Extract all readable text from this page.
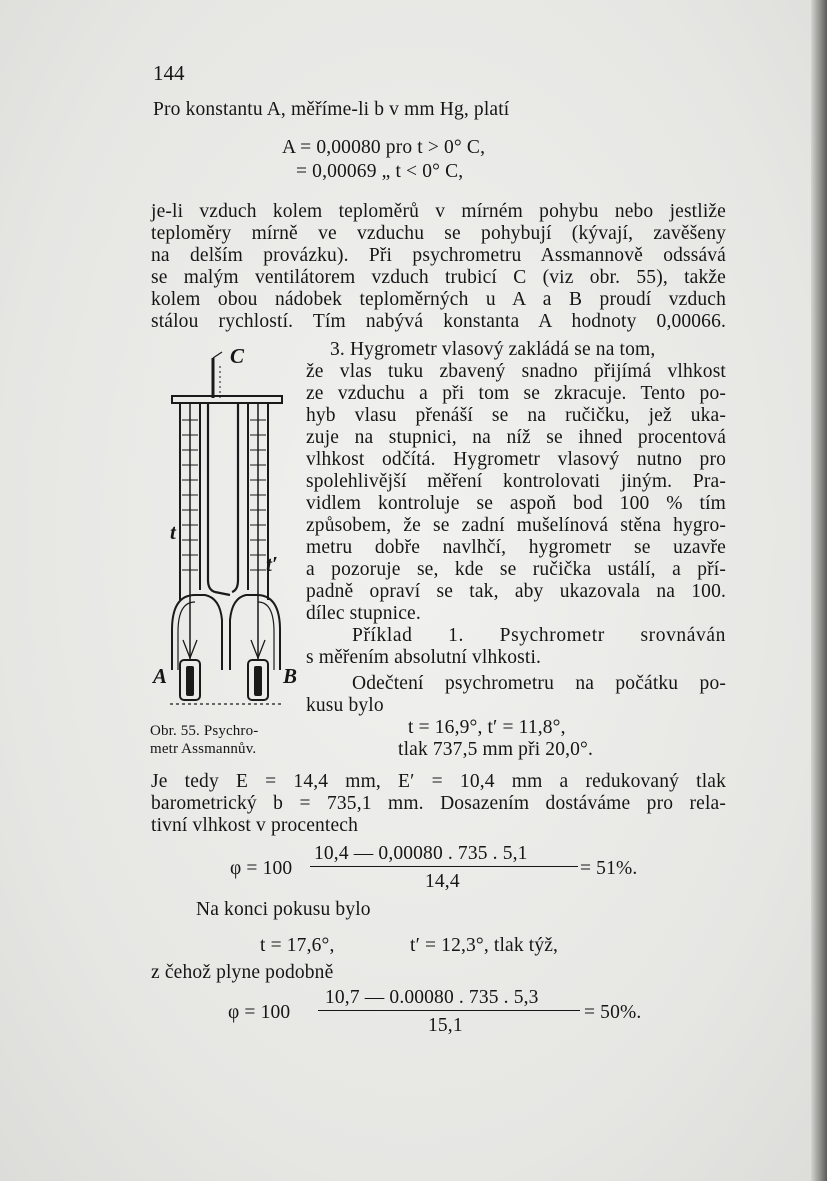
144
Pro konstantu A, měříme-li b v mm Hg, platí
A = 0,00080 pro t > 0° C,
= 0,00069 „ t < 0° C,
je-li vzduch kolem teploměrů v mírném pohybu nebo jestliže
teploměry mírně ve vzduchu se pohybují (kývají, zavěšeny
na delším provázku). Při psychrometru Assmannově odssává
se malým ventilátorem vzduch trubicí C (viz obr. 55), takže
kolem obou nádobek teploměrných u A a B proudí vzduch
stálou rychlostí. Tím nabývá konstanta A hodnoty 0,00066.
C
t
t′
A	B
Obr. 55. Psychro-
metr Assmannův.
3. Hygrometr vlasový zakládá se na tom,
že vlas tuku zbavený snadno přijímá vlhkost
ze vzduchu a při tom se zkracuje. Tento po-
hyb vlasu přenáší se na ručičku, jež uka-
zuje na stupnici, na níž se ihned procentová
vlhkost odčítá. Hygrometr vlasový nutno pro
spolehlivější měření kontrolovati jiným. Pra-
vidlem kontroluje se aspoň bod 100 % tím
způsobem, že se zadní mušelínová stěna hygro-
metru dobře navlhčí, hygrometr se uzavře
a pozoruje se, kde se ručička ustálí, a pří-
padně opraví se tak, aby ukazovala na 100.
dílec stupnice.
Příklad 1. Psychrometr srovnáván
s měřením absolutní vlhkosti.
Odečtení psychrometru na počátku po-
kusu bylo
t = 16,9°, t′ = 11,8°,
tlak 737,5 mm při 20,0°.
Je tedy E = 14,4 mm, E′ = 10,4 mm a redukovaný tlak
barometrický b = 735,1 mm. Dosazením dostáváme pro rela-
tivní vlhkost v procentech
φ = 100
10,4 — 0,00080 . 735 . 5,1
14,4
= 51%.
Na konci pokusu bylo
t = 17,6°,	t′ = 12,3°, tlak týž,
z čehož plyne podobně
φ = 100
10,7 — 0.00080 . 735 . 5,3
15,1
= 50%.
